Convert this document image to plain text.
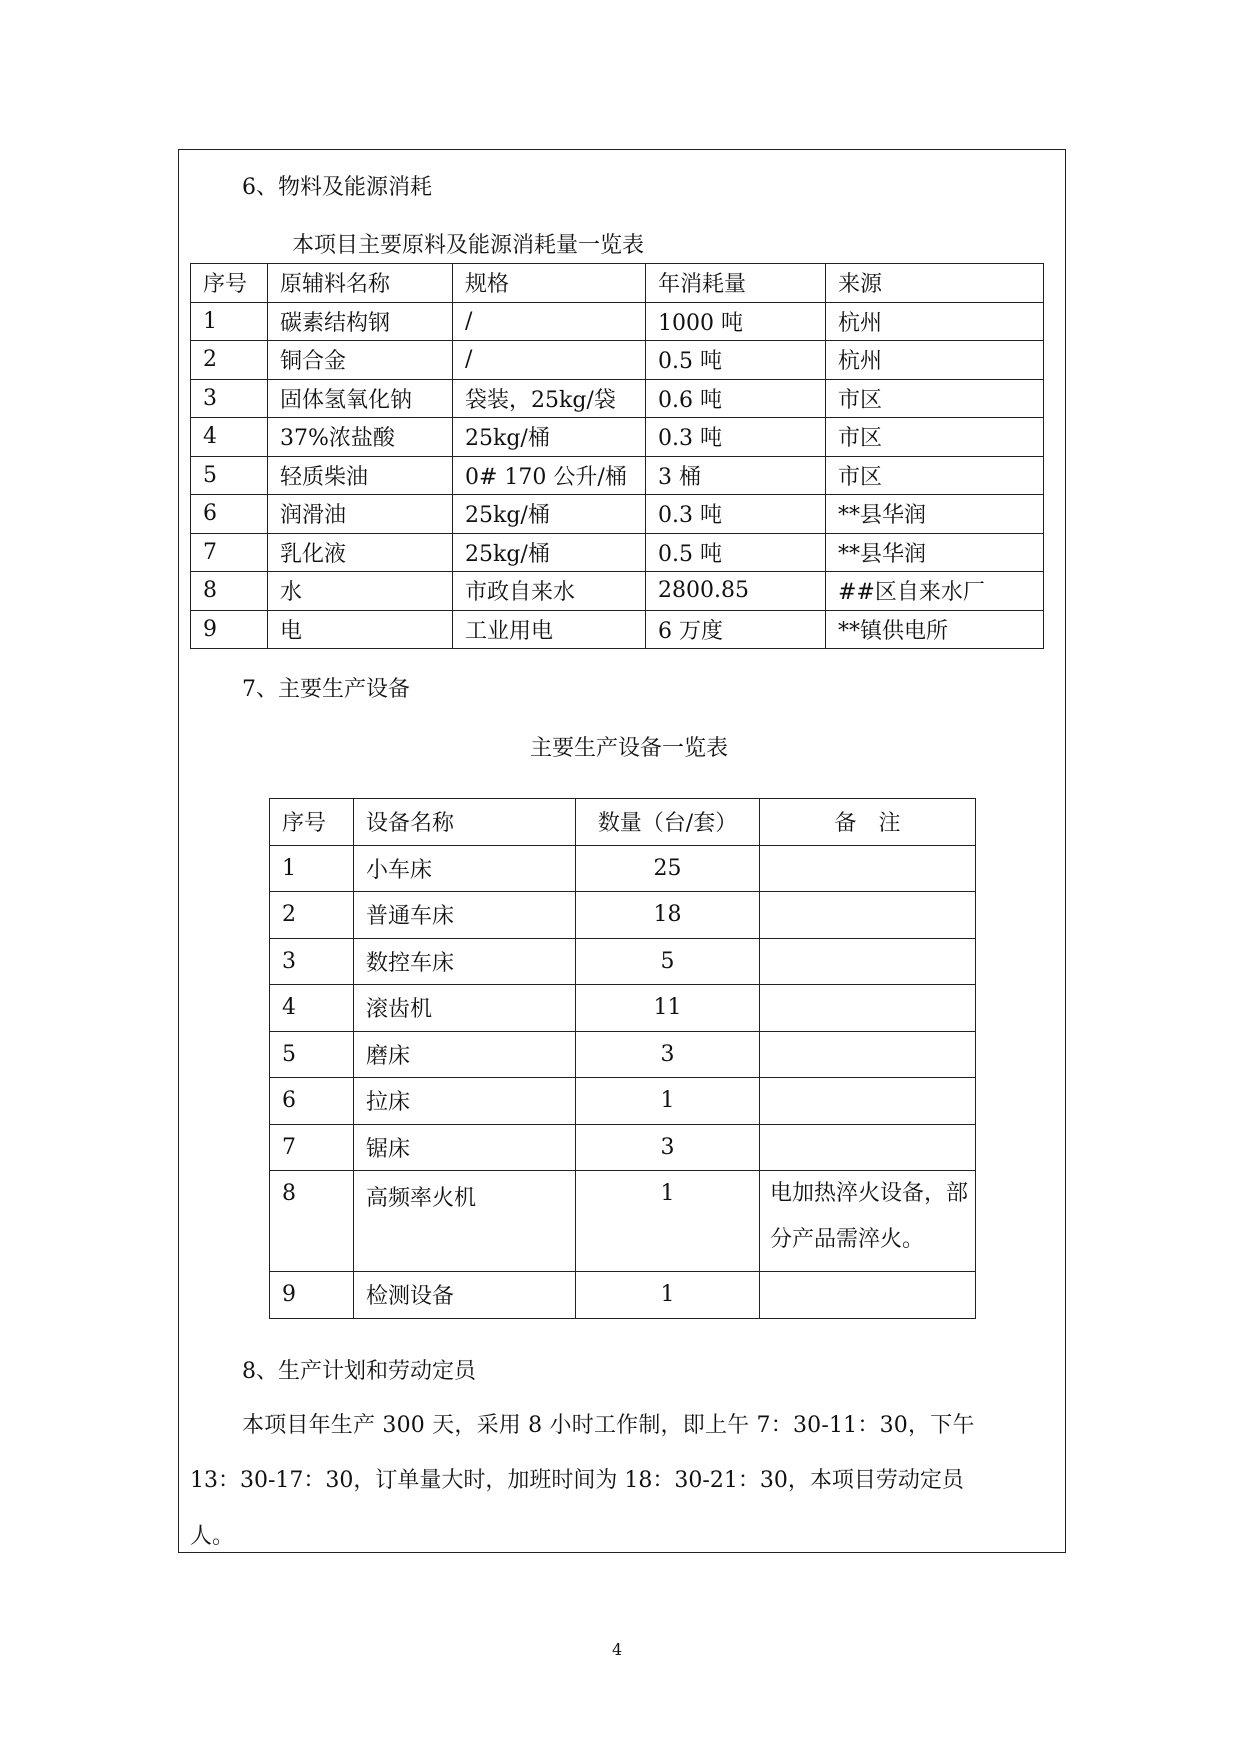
6、物料及能源消耗
本项目主要原料及能源消耗量一览表
序号	原辅料名称	规格	年消耗量	来源
1	碳素结构钢	/	1000 吨	杭州
2	铜合金	/	0.5 吨	杭州
3	固体氢氧化钠	袋装，25kg/袋	0.6 吨	市区
4	37%浓盐酸	25kg/桶	0.3 吨	市区
5	轻质柴油	0# 170 公升/桶	3 桶	市区
6	润滑油	25kg/桶	0.3 吨	**县华润
7	乳化液	25kg/桶	0.5 吨	**县华润
8	水	市政自来水	2800.85	##区自来水厂
9	电	工业用电	6 万度	**镇供电所
7、主要生产设备
主要生产设备一览表
序号	设备名称	数量（台/套）	备　注
1	小车床	25	
2	普通车床	18	
3	数控车床	5	
4	滚齿机	11	
5	磨床	3	
6	拉床	1	
7	锯床	3	
8	高频率火机	1	电加热淬火设备，部分产品需淬火。
9	检测设备	1	
8、生产计划和劳动定员
本项目年生产 300 天，采用 8 小时工作制，即上午 7：30-11：30，下午
13：30-17：30，订单量大时，加班时间为 18：30-21：30，本项目劳动定员
人。
4
